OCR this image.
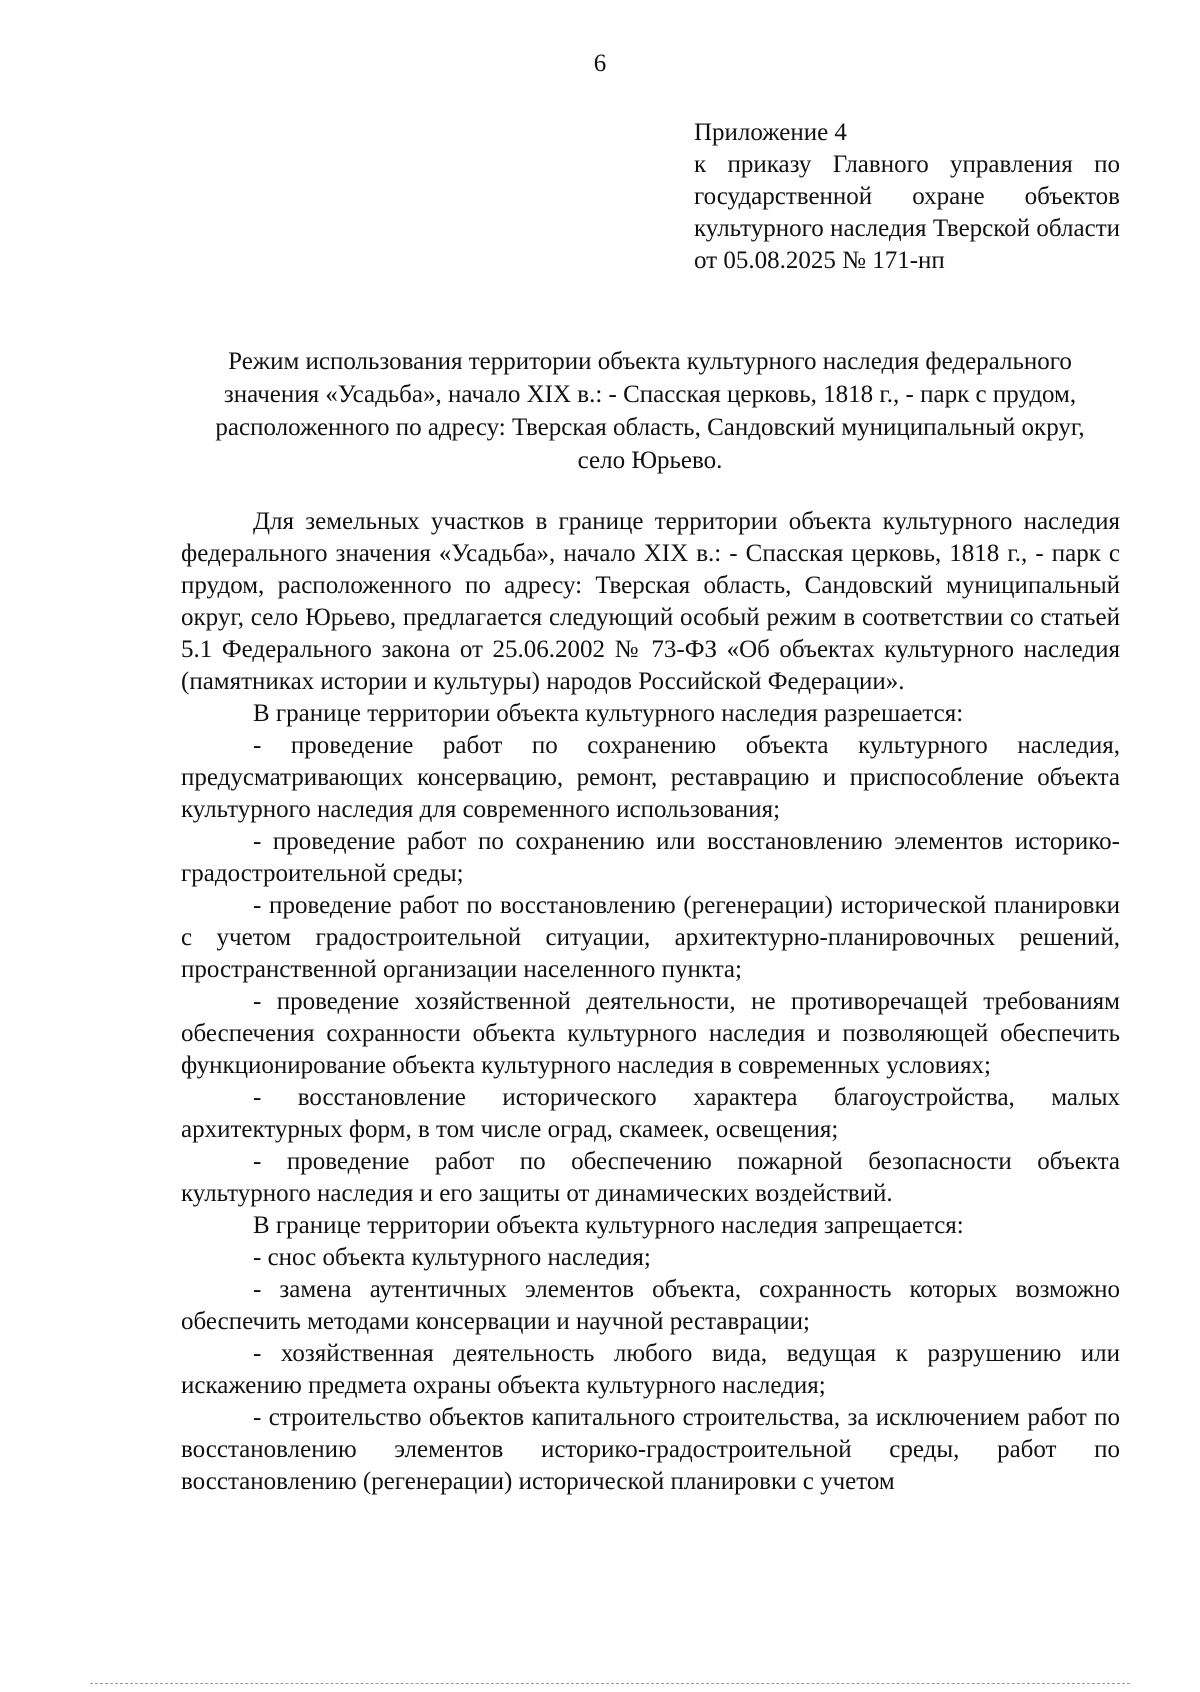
6
Приложение 4
к приказу Главного управления по государственной охране объектов культурного наследия Тверской области от 05.08.2025 № 171-нп
Режим использования территории объекта культурного наследия федерального значения «Усадьба», начало XIX в.: - Спасская церковь, 1818 г., - парк с прудом, расположенного по адресу: Тверская область, Сандовский муниципальный округ, село Юрьево.

Для земельных участков в границе территории объекта культурного наследия федерального значения «Усадьба», начало XIX в.: - Спасская церковь, 1818 г., - парк с прудом, расположенного по адресу: Тверская область, Сандовский муниципальный округ, село Юрьево, предлагается следующий особый режим в соответствии со статьей 5.1 Федерального закона от 25.06.2002 № 73-ФЗ «Об объектах культурного наследия (памятниках истории и культуры) народов Российской Федерации».

В границе территории объекта культурного наследия разрешается:

- проведение работ по сохранению объекта культурного наследия, предусматривающих консервацию, ремонт, реставрацию и приспособление объекта культурного наследия для современного использования;

- проведение работ по сохранению или восстановлению элементов историко-градостроительной среды;

- проведение работ по восстановлению (регенерации) исторической планировки с учетом градостроительной ситуации, архитектурно-планировочных решений, пространственной организации населенного пункта;

- проведение хозяйственной деятельности, не противоречащей требованиям обеспечения сохранности объекта культурного наследия и позволяющей обеспечить функционирование объекта культурного наследия в современных условиях;

- восстановление исторического характера благоустройства, малых архитектурных форм, в том числе оград, скамеек, освещения;

- проведение работ по обеспечению пожарной безопасности объекта культурного наследия и его защиты от динамических воздействий.

В границе территории объекта культурного наследия запрещается:

- снос объекта культурного наследия;

- замена аутентичных элементов объекта, сохранность которых возможно обеспечить методами консервации и научной реставрации;

- хозяйственная деятельность любого вида, ведущая к разрушению или искажению предмета охраны объекта культурного наследия;

- строительство объектов капитального строительства, за исключением работ по восстановлению элементов историко-градостроительной среды, работ по восстановлению (регенерации) исторической планировки с учетом
